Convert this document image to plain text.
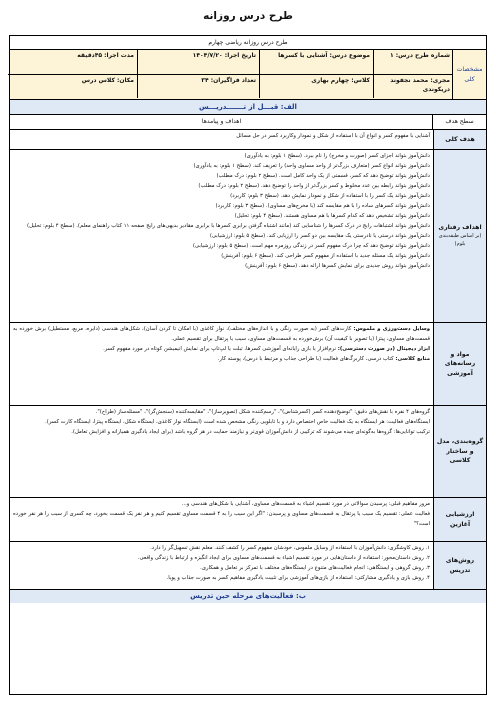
طرح درس روزانه
طرح درس روزانه ریاضی چهارم
مشخصات کلی
شماره طرح درس: ۱
موضوع درس: آشنایی با کسرها
تاریخ اجرا: ۱۴۰۴/۷/۲۰
مدت اجرا: ۴۵دقیقه
مجری: محمد نجفوند دریکوندی
کلاس: چهارم بهاری
تعداد فراگیران: ۳۴
مکان: کلاس درس
الف: قبـــل از تـــــــدریـــس
سطح هدف
اهداف و پیامدها
هدف کلی

آشنایی با مفهوم کسر و انواع آن با استفاده از شکل و نمودار وکاربرد کسر در حل مسائل

اهداف رفتاری
(بر اساس طبقه‌بندی بلوم)

دانش‌آموز بتواند اجزای کسر (صورت و مخرج) را نام ببرد. (سطح ۱ بلوم: به یادآوری)

دانش‌آموز بتواند انواع کسر (متعارف بزرگ‌تر از واحد مساوی واحد) را تعریف کند. (سطح ۱ بلوم: به یادآوری)

دانش‌آموز بتواند توضیح دهد که کسر، قسمتی از یک واحد کامل است. (سطح ۲ بلوم: درک مطلب)

دانش‌آموز بتواند رابطه بین عدد مخلوط و کسر بزرگ‌تر از واحد را توضیح دهد. (سطح ۲ بلوم: درک مطلب)

دانش‌آموز بتواند یک کسر را با استفاده از شکل و نمودار نمایش دهد. (سطح ۳ بلوم: کاربرد)

دانش‌آموز بتواند کسرهای ساده را با هم مقایسه کند (با مخرج‌های مساوی). (سطح ۳ بلوم: کاربرد)

دانش‌آموز بتواند تشخیص دهد که کدام کسرها با هم مساوی هستند. (سطح ۴ بلوم: تحلیل)

دانش‌آموز بتواند اشتباهات رایج در درک کسرها را شناسایی کند (مانند اشتباه گرفتن برابری کسرها با برابری مقادیر بدیهی‌های رایج صفحه ۱۱ کتاب راهنمای معلم). (سطح ۴ بلوم: تحلیل)

دانش‌آموز بتواند درستی یا نادرستی یک مقایسه بین دو کسر را ارزیابی کند. (سطح ۵ بلوم: ارزشیابی)

دانش‌آموز بتواند توضیح دهد که چرا درک مفهوم کسر در زندگی روزمره مهم است. (سطح ۵ بلوم: ارزشیابی)

دانش‌آموز بتواند یک مسئله جدید با استفاده از مفهوم کسر طراحی کند. (سطح ۶ بلوم: آفرینش)

دانش‌آموز بتواند روش جدیدی برای نمایش کسرها ارائه دهد. (سطح ۶ بلوم: آفرینش)

مواد و رسانه‌های آموزشی

وسایل دست‌ورزی و ملموس: کارت‌های کسر (به صورت رنگی و با اندازه‌های مختلف)، نوار کاغذی (با امکان تا کردن آسان)، شکل‌های هندسی (دایره، مربع، مستطیل) برش خورده به قسمت‌های مساوی، پیتزا (یا تصویر با کیفیت آن) برش‌خورده به قسمت‌های مساوی، سیب یا پرتقال برای تقسیم عملی.

ابزار دیجیتال (در صورت دسترسی): نرم‌افزار یا بازی رایانه‌ای آموزشی کسرها، تبلت یا لپ‌تاپ برای نمایش انیمیشن کوتاه در مورد مفهوم کسر.

منابع کلاسی: کتاب درسی، کاربرگ‌های فعالیت (با طراحی جذاب و مرتبط با درس)، پوسته کار.

گروه‌بندی، مدل و ساختار کلاسی

گروه‌های ۴ نفره با نقش‌های دقیق: "توضیح‌دهنده کسر (کسرشناس)"، "رسم‌کننده شکل (تصویرساز)"، "مقایسه‌کننده (سنجش‌گر)"، "مسئله‌ساز (طراح)".

ایستگاه‌های فعالیت: هر ایستگاه به یک فعالیت خاص اختصاص دارد و با تابلویی رنگی مشخص شده است (ایستگاه نوار کاغذی، ایستگاه شکل، ایستگاه پیتزا، ایستگاه کارت کسر).

ترکیب توانایی‌ها: گروه‌ها به‌گونه‌ای چیده می‌شوند که ترکیبی از دانش‌آموزان قوی‌تر و نیازمند حمایت در هر گروه باشد (برای ایجاد یادگیری همیارانه و افزایش تعامل).

ارزشیابی آغازین

مرور مفاهیم قبلی: پرسیدن سوالاتی در مورد تقسیم اشیاء به قسمت‌های مساوی، آشنایی با شکل‌های هندسی و...

فعالیت عملی: تقسیم یک سیب یا پرتقال به قسمت‌های مساوی و پرسیدن: "اگر این سیب را به ۴ قسمت مساوی تقسیم کنیم و هر نفر یک قسمت بخورد، چه کسری از سیب را هر نفر خورده است؟"

روش‌های تدریس

۱. روش کاوشگری: دانش‌آموزان با استفاده از وسایل ملموس، خودشان مفهوم کسر را کشف کنند. معلم نقش تسهیل‌گر را دارد.

۲. روش داستان‌محور: استفاده از داستان‌هایی در مورد تقسیم اشیاء به قسمت‌های مساوی برای ایجاد انگیزه و ارتباط با زندگی واقعی.

۳. روش گروهی و ایستگاهی: انجام فعالیت‌های متنوع در ایستگاه‌های مختلف با تمرکز بر تعامل و همکاری.

۴. روش بازی و یادگیری مشارکتی: استفاده از بازی‌های آموزشی برای تثبیت یادگیری مفاهیم کسر به صورت جذاب و پویا.

ب: فعالیت‌های مرحله حین تدریس
